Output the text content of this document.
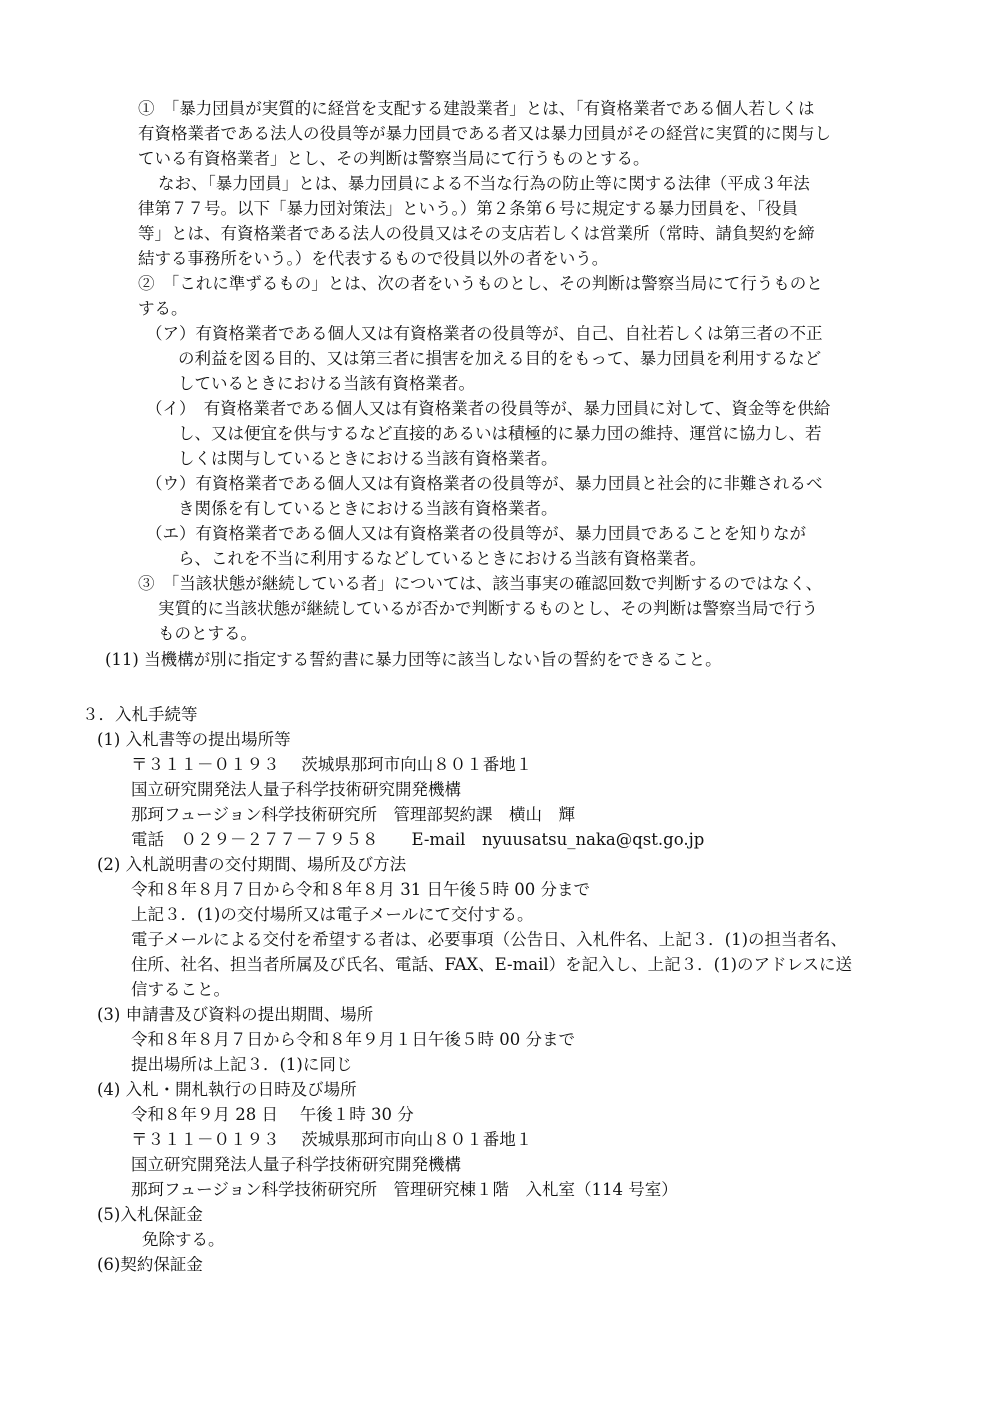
①　「暴力団員が実質的に経営を支配する建設業者」とは、「有資格業者である個人若しくは
有資格業者である法人の役員等が暴力団員である者又は暴力団員がその経営に実質的に関与し
ている有資格業者」とし、その判断は警察当局にて行うものとする。
なお、「暴力団員」とは、暴力団員による不当な行為の防止等に関する法律（平成３年法
律第７７号。以下「暴力団対策法」という。）第２条第６号に規定する暴力団員を、「役員
等」とは、有資格業者である法人の役員又はその支店若しくは営業所（常時、請負契約を締
結する事務所をいう。）を代表するもので役員以外の者をいう。
②　「これに準ずるもの」とは、次の者をいうものとし、その判断は警察当局にて行うものと
する。
（ア）有資格業者である個人又は有資格業者の役員等が、自己、自社若しくは第三者の不正
の利益を図る目的、又は第三者に損害を加える目的をもって、暴力団員を利用するなど
しているときにおける当該有資格業者。
（イ）　有資格業者である個人又は有資格業者の役員等が、暴力団員に対して、資金等を供給
し、又は便宜を供与するなど直接的あるいは積極的に暴力団の維持、運営に協力し、若
しくは関与しているときにおける当該有資格業者。
（ウ）有資格業者である個人又は有資格業者の役員等が、暴力団員と社会的に非難されるべ
き関係を有しているときにおける当該有資格業者。
（エ）有資格業者である個人又は有資格業者の役員等が、暴力団員であることを知りなが
ら、これを不当に利用するなどしているときにおける当該有資格業者。
③　「当該状態が継続している者」については、該当事実の確認回数で判断するのではなく、
実質的に当該状態が継続しているが否かで判断するものとし、その判断は警察当局で行う
ものとする。
(11) 当機構が別に指定する誓約書に暴力団等に該当しない旨の誓約をできること。
３．入札手続等
(1) 入札書等の提出場所等
〒３１１－０１９３　 茨城県那珂市向山８０１番地１
国立研究開発法人量子科学技術研究開発機構
那珂フュージョン科学技術研究所　管理部契約課　横山　輝
電話　０２９－２７７－７９５８　　E-mail　nyuusatsu_naka@qst.go.jp
(2) 入札説明書の交付期間、場所及び方法
令和８年８月７日から令和８年８月 31 日午後５時 00 分まで
上記３．(1)の交付場所又は電子メールにて交付する。
電子メールによる交付を希望する者は、必要事項（公告日、入札件名、上記３．(1)の担当者名、
住所、社名、担当者所属及び氏名、電話、FAX、E-mail）を記入し、上記３．(1)のアドレスに送
信すること。
(3) 申請書及び資料の提出期間、場所
令和８年８月７日から令和８年９月１日午後５時 00 分まで
提出場所は上記３．(1)に同じ
(4) 入札・開札執行の日時及び場所
令和８年９月 28 日　 午後１時 30 分
〒３１１－０１９３　 茨城県那珂市向山８０１番地１
国立研究開発法人量子科学技術研究開発機構
那珂フュージョン科学技術研究所　管理研究棟１階　入札室（114 号室）
(5)入札保証金
免除する。
(6)契約保証金
